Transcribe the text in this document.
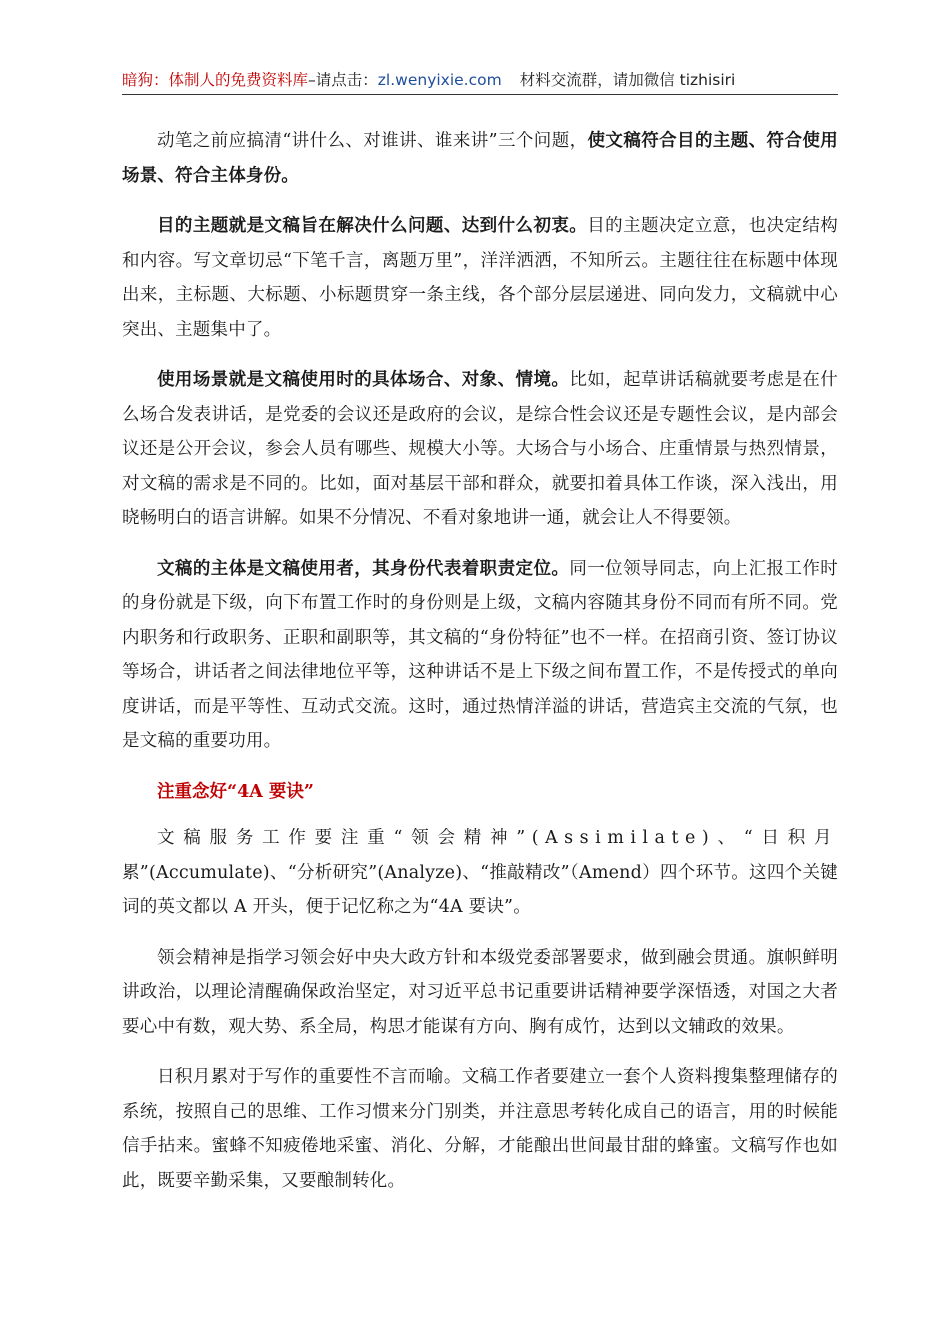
暗狗：体制人的免费资料库–请点击：zl.wenyixie.com 材料交流群，请加微信 tizhisiri

动笔之前应搞清“讲什么、对谁讲、谁来讲”三个问题，使文稿符合目的主题、符合使用场景、符合主体身份。

目的主题就是文稿旨在解决什么问题、达到什么初衷。目的主题决定立意，也决定结构和内容。写文章切忌“下笔千言，离题万里”，洋洋洒洒，不知所云。主题往往在标题中体现出来，主标题、大标题、小标题贯穿一条主线，各个部分层层递进、同向发力，文稿就中心突出、主题集中了。

使用场景就是文稿使用时的具体场合、对象、情境。比如，起草讲话稿就要考虑是在什么场合发表讲话，是党委的会议还是政府的会议，是综合性会议还是专题性会议，是内部会议还是公开会议，参会人员有哪些、规模大小等。大场合与小场合、庄重情景与热烈情景，对文稿的需求是不同的。比如，面对基层干部和群众，就要扣着具体工作谈，深入浅出，用晓畅明白的语言讲解。如果不分情况、不看对象地讲一通，就会让人不得要领。

文稿的主体是文稿使用者，其身份代表着职责定位。同一位领导同志，向上汇报工作时的身份就是下级，向下布置工作时的身份则是上级，文稿内容随其身份不同而有所不同。党内职务和行政职务、正职和副职等，其文稿的“身份特征”也不一样。在招商引资、签订协议等场合，讲话者之间法律地位平等，这种讲话不是上下级之间布置工作，不是传授式的单向度讲话，而是平等性、互动式交流。这时，通过热情洋溢的讲话，营造宾主交流的气氛，也是文稿的重要功用。

注重念好“4A 要诀”

文稿服务工作要注重“领会精神”(Assimilate)、“日积月累”(Accumulate)、“分析研究”(Analyze)、“推敲精改”（Amend）四个环节。这四个关键词的英文都以 A 开头，便于记忆称之为“4A 要诀”。

领会精神是指学习领会好中央大政方针和本级党委部署要求，做到融会贯通。旗帜鲜明讲政治，以理论清醒确保政治坚定，对习近平总书记重要讲话精神要学深悟透，对国之大者要心中有数，观大势、系全局，构思才能谋有方向、胸有成竹，达到以文辅政的效果。

日积月累对于写作的重要性不言而喻。文稿工作者要建立一套个人资料搜集整理储存的系统，按照自己的思维、工作习惯来分门别类，并注意思考转化成自己的语言，用的时候能信手拈来。蜜蜂不知疲倦地采蜜、消化、分解，才能酿出世间最甘甜的蜂蜜。文稿写作也如此，既要辛勤采集，又要酿制转化。
